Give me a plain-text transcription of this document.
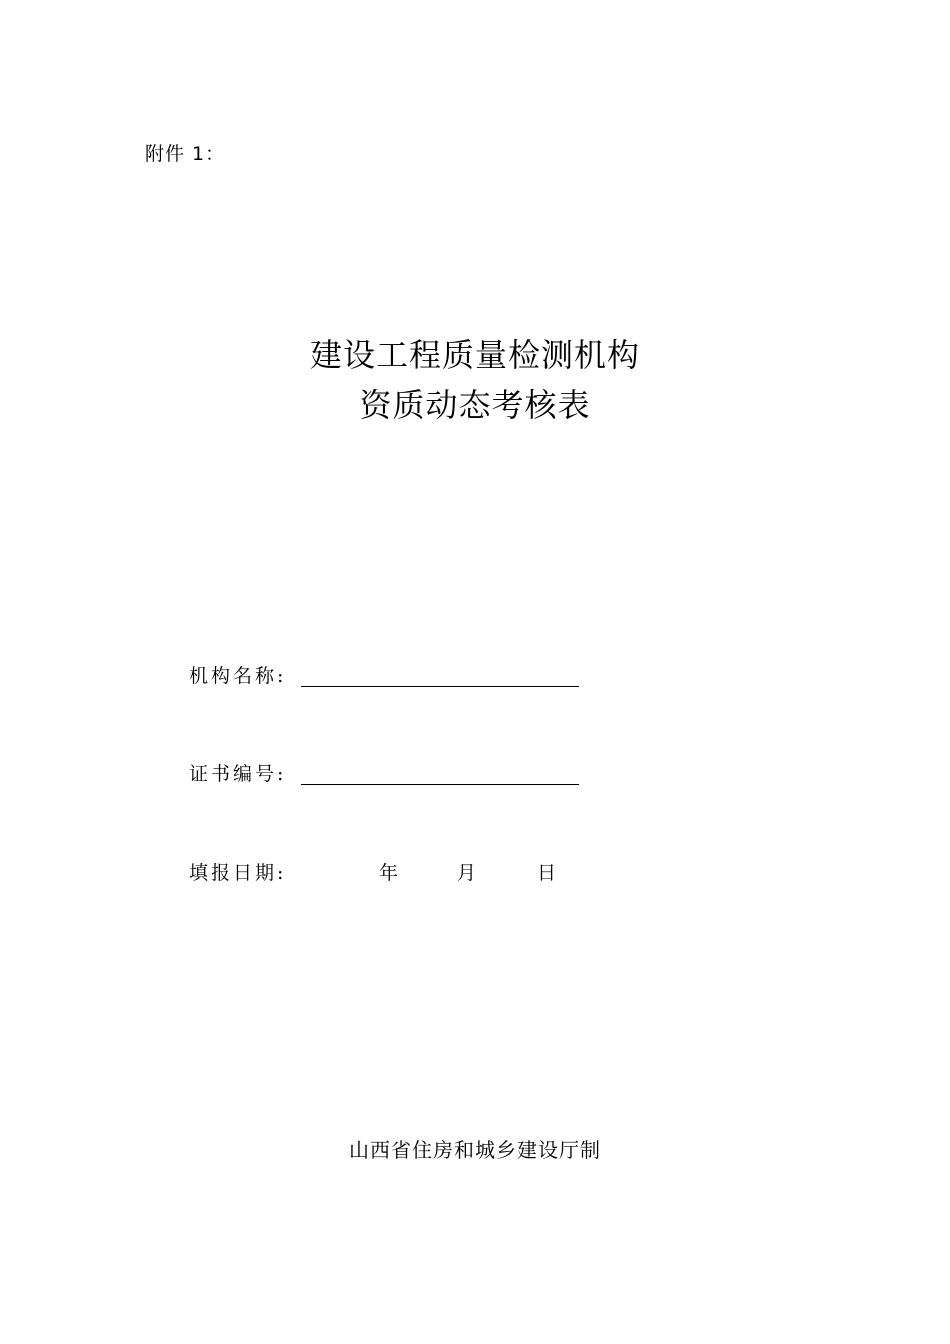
附件 1：
建设工程质量检测机构
资质动态考核表
机构名称:
证书编号:
填报日期:	年	月	日
山西省住房和城乡建设厅制
